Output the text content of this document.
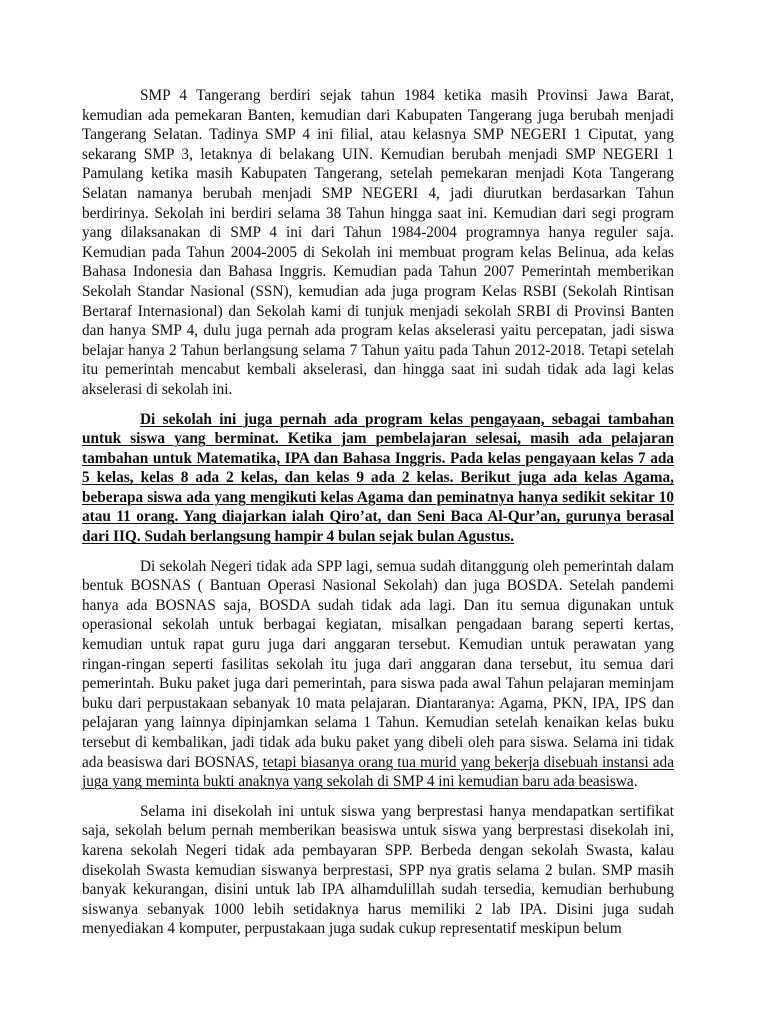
SMP 4 Tangerang berdiri sejak tahun 1984 ketika masih Provinsi Jawa Barat, kemudian ada pemekaran Banten, kemudian dari Kabupaten Tangerang juga berubah menjadi Tangerang Selatan. Tadinya SMP 4 ini filial, atau kelasnya SMP NEGERI 1 Ciputat, yang sekarang SMP 3, letaknya di belakang UIN. Kemudian berubah menjadi SMP NEGERI 1 Pamulang ketika masih Kabupaten Tangerang, setelah pemekaran menjadi Kota Tangerang Selatan namanya berubah menjadi SMP NEGERI 4, jadi diurutkan berdasarkan Tahun berdirinya. Sekolah ini berdiri selama 38 Tahun hingga saat ini. Kemudian dari segi program yang dilaksanakan di SMP 4 ini dari Tahun 1984-2004 programnya hanya reguler saja. Kemudian pada Tahun 2004-2005 di Sekolah ini membuat program kelas Belinua, ada kelas Bahasa Indonesia dan Bahasa Inggris. Kemudian pada Tahun 2007 Pemerintah memberikan Sekolah Standar Nasional (SSN), kemudian ada juga program Kelas RSBI (Sekolah Rintisan Bertaraf Internasional) dan Sekolah kami di tunjuk menjadi sekolah SRBI di Provinsi Banten dan hanya SMP 4, dulu juga pernah ada program kelas akselerasi yaitu percepatan, jadi siswa belajar hanya 2 Tahun berlangsung selama 7 Tahun yaitu pada Tahun 2012-2018. Tetapi setelah itu pemerintah mencabut kembali akselerasi, dan hingga saat ini sudah tidak ada lagi kelas akselerasi di sekolah ini.

Di sekolah ini juga pernah ada program kelas pengayaan, sebagai tambahan untuk siswa yang berminat. Ketika jam pembelajaran selesai, masih ada pelajaran tambahan untuk Matematika, IPA dan Bahasa Inggris. Pada kelas pengayaan kelas 7 ada 5 kelas, kelas 8 ada 2 kelas, dan kelas 9 ada 2 kelas. Berikut juga ada kelas Agama, beberapa siswa ada yang mengikuti kelas Agama dan peminatnya hanya sedikit sekitar 10 atau 11 orang. Yang diajarkan ialah Qiro’at, dan Seni Baca Al-Qur’an, gurunya berasal dari IIQ. Sudah berlangsung hampir 4 bulan sejak bulan Agustus.

Di sekolah Negeri tidak ada SPP lagi, semua sudah ditanggung oleh pemerintah dalam bentuk BOSNAS ( Bantuan Operasi Nasional Sekolah) dan juga BOSDA. Setelah pandemi hanya ada BOSNAS saja, BOSDA sudah tidak ada lagi. Dan itu semua digunakan untuk operasional sekolah untuk berbagai kegiatan, misalkan pengadaan barang seperti kertas, kemudian untuk rapat guru juga dari anggaran tersebut. Kemudian untuk perawatan yang ringan-ringan seperti fasilitas sekolah itu juga dari anggaran dana tersebut, itu semua dari pemerintah. Buku paket juga dari pemerintah, para siswa pada awal Tahun pelajaran meminjam buku dari perpustakaan sebanyak 10 mata pelajaran. Diantaranya: Agama, PKN, IPA, IPS dan pelajaran yang lainnya dipinjamkan selama 1 Tahun. Kemudian setelah kenaikan kelas buku tersebut di kembalikan, jadi tidak ada buku paket yang dibeli oleh para siswa. Selama ini tidak ada beasiswa dari BOSNAS, tetapi biasanya orang tua murid yang bekerja disebuah instansi ada juga yang meminta bukti anaknya yang sekolah di SMP 4 ini kemudian baru ada beasiswa.

Selama ini disekolah ini untuk siswa yang berprestasi hanya mendapatkan sertifikat saja, sekolah belum pernah memberikan beasiswa untuk siswa yang berprestasi disekolah ini, karena sekolah Negeri tidak ada pembayaran SPP. Berbeda dengan sekolah Swasta, kalau disekolah Swasta kemudian siswanya berprestasi, SPP nya gratis selama 2 bulan. SMP masih banyak kekurangan, disini untuk lab IPA alhamdulillah sudah tersedia, kemudian berhubung siswanya sebanyak 1000 lebih setidaknya harus memiliki 2 lab IPA. Disini juga sudah menyediakan 4 komputer, perpustakaan juga sudak cukup representatif meskipun belum
